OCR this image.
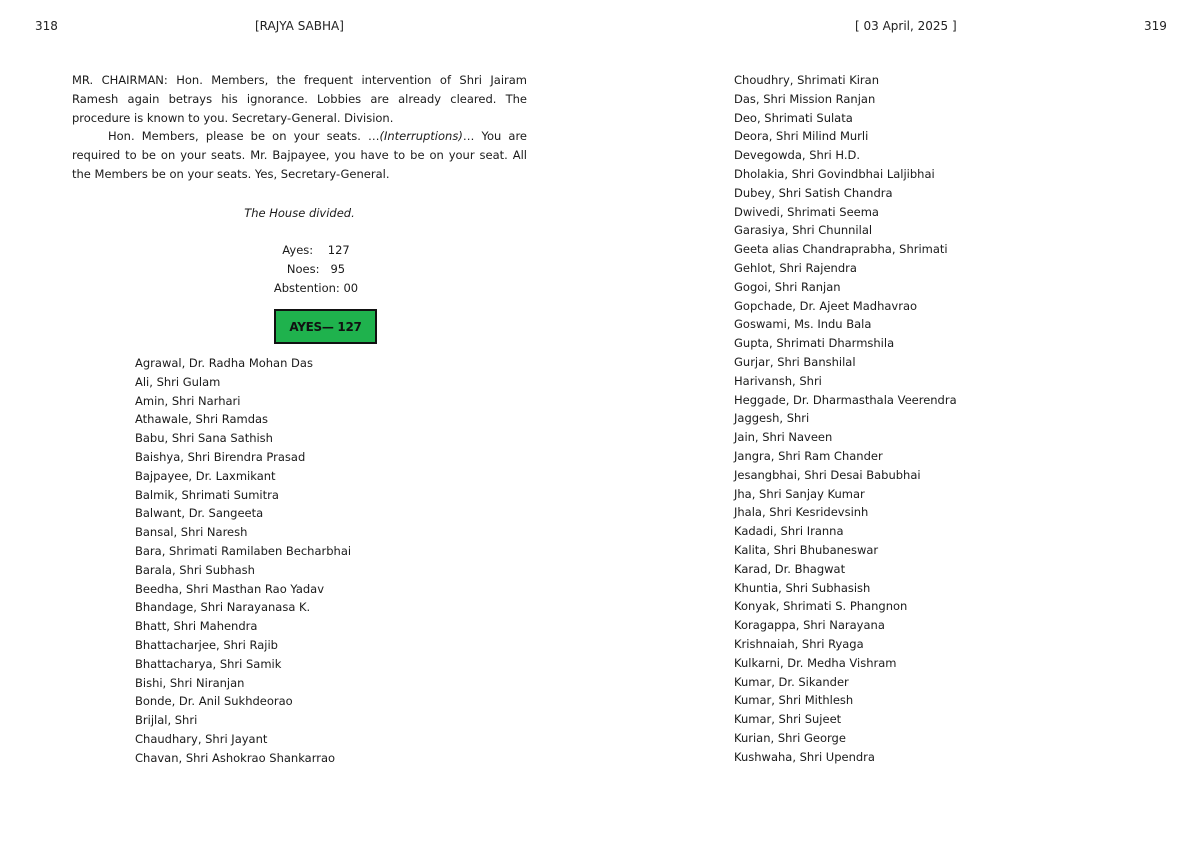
318	[RAJYA SABHA]	[ 03 April, 2025 ]	319

MR. CHAIRMAN: Hon. Members, the frequent intervention of Shri Jairam Ramesh again betrays his ignorance. Lobbies are already cleared. The procedure is known to you. Secretary-General. Division.

Hon. Members, please be on your seats. …(Interruptions)… You are required to be on your seats. Mr. Bajpayee, you have to be on your seat. All the Members be on your seats. Yes, Secretary-General.

The House divided.
Ayes:    127
Noes:   95
Abstention: 00
AYES— 127
Agrawal, Dr. Radha Mohan Das
Ali, Shri Gulam
Amin, Shri Narhari
Athawale, Shri Ramdas
Babu, Shri Sana Sathish
Baishya, Shri Birendra Prasad
Bajpayee, Dr. Laxmikant
Balmik, Shrimati Sumitra
Balwant, Dr. Sangeeta
Bansal, Shri Naresh
Bara, Shrimati Ramilaben Becharbhai
Barala, Shri Subhash
Beedha, Shri Masthan Rao Yadav
Bhandage, Shri Narayanasa K.
Bhatt, Shri Mahendra
Bhattacharjee, Shri Rajib
Bhattacharya, Shri Samik
Bishi, Shri Niranjan
Bonde, Dr. Anil Sukhdeorao
Brijlal, Shri
Chaudhary, Shri Jayant
Chavan, Shri Ashokrao Shankarrao
Choudhry, Shrimati Kiran
Das, Shri Mission Ranjan
Deo, Shrimati Sulata
Deora, Shri Milind Murli
Devegowda, Shri H.D.
Dholakia, Shri Govindbhai Laljibhai
Dubey, Shri Satish Chandra
Dwivedi, Shrimati Seema
Garasiya, Shri Chunnilal
Geeta alias Chandraprabha, Shrimati
Gehlot, Shri Rajendra
Gogoi, Shri Ranjan
Gopchade, Dr. Ajeet Madhavrao
Goswami, Ms. Indu Bala
Gupta, Shrimati Dharmshila
Gurjar, Shri Banshilal
Harivansh, Shri
Heggade, Dr. Dharmasthala Veerendra
Jaggesh, Shri
Jain, Shri Naveen
Jangra, Shri Ram Chander
Jesangbhai, Shri Desai Babubhai
Jha, Shri Sanjay Kumar
Jhala, Shri Kesridevsinh
Kadadi, Shri Iranna
Kalita, Shri Bhubaneswar
Karad, Dr. Bhagwat
Khuntia, Shri Subhasish
Konyak, Shrimati S. Phangnon
Koragappa, Shri Narayana
Krishnaiah, Shri Ryaga
Kulkarni, Dr. Medha Vishram
Kumar, Dr. Sikander
Kumar, Shri Mithlesh
Kumar, Shri Sujeet
Kurian, Shri George
Kushwaha, Shri Upendra
